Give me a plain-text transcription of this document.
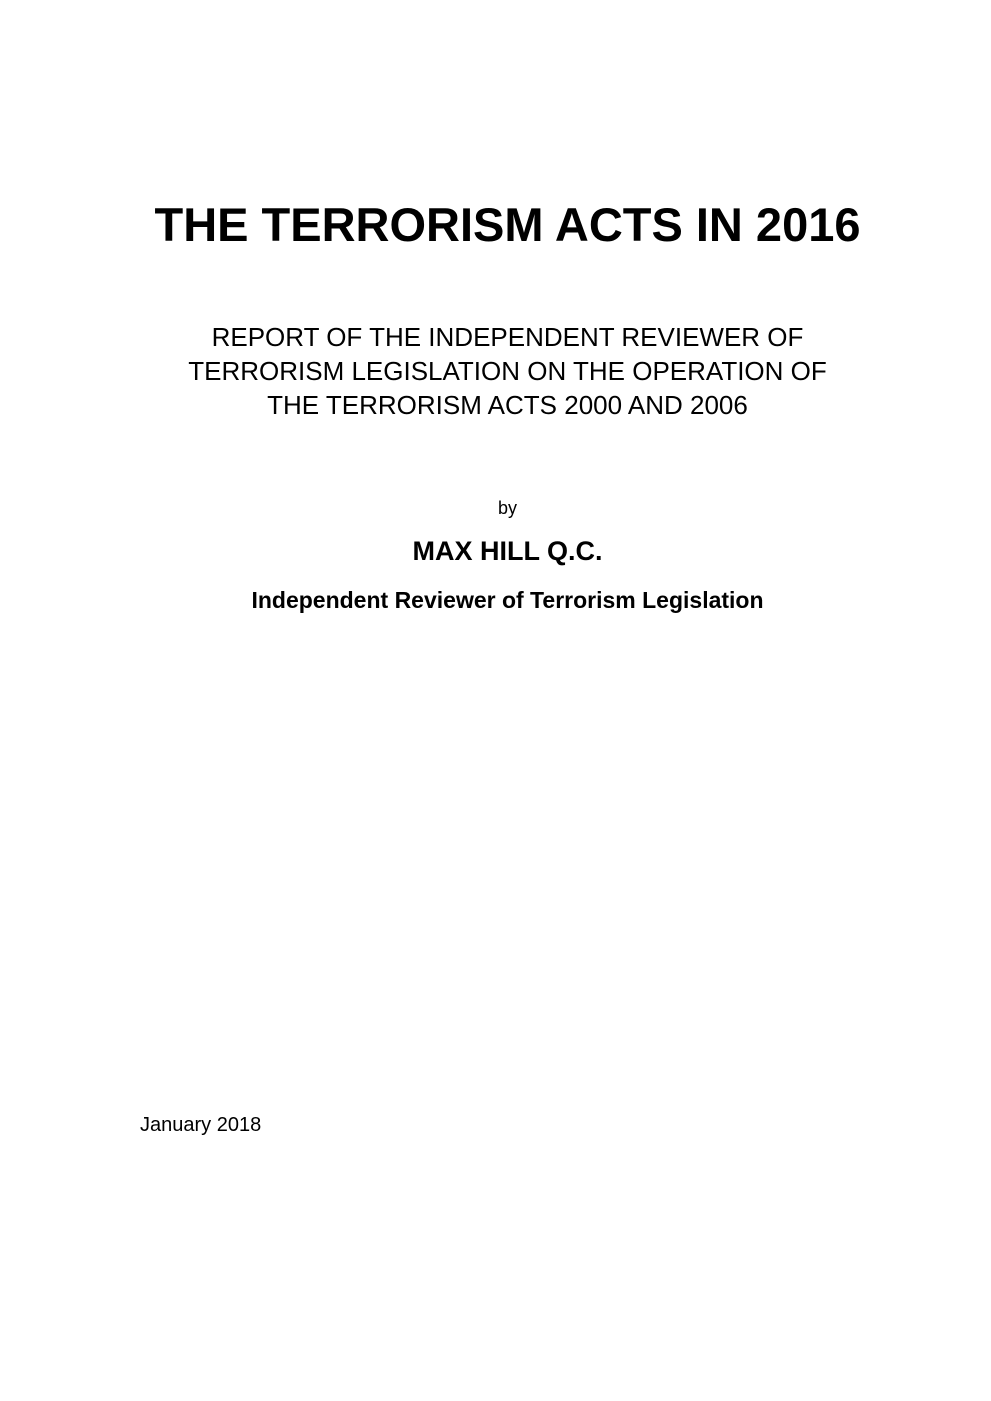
THE TERRORISM ACTS IN 2016
REPORT OF THE INDEPENDENT REVIEWER OF
TERRORISM LEGISLATION ON THE OPERATION OF
THE TERRORISM ACTS 2000 AND 2006
by
MAX HILL Q.C.
Independent Reviewer of Terrorism Legislation
January 2018
